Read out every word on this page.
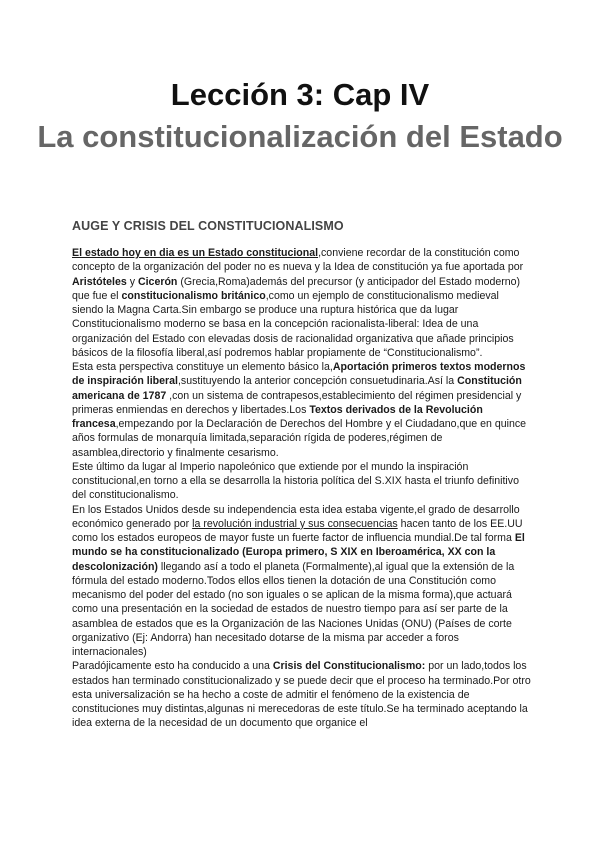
Lección 3: Cap IV
La constitucionalización del Estado
AUGE Y CRISIS DEL CONSTITUCIONALISMO

El estado hoy en dia es un Estado constitucional,conviene recordar de la constitución como concepto de la organización del poder no es nueva y la Idea de constitución ya fue aportada por Aristóteles y Cicerón (Grecia,Roma)además del precursor (y anticipador del Estado moderno) que fue el constitucionalismo británico,como un ejemplo de constitucionalismo medieval siendo la Magna Carta.Sin embargo se produce una ruptura histórica que da lugar Constitucionalismo moderno se basa en la concepción racionalista-liberal: Idea de una organización del Estado con elevadas dosis de racionalidad organizativa que añade principios básicos de la filosofía liberal,así podremos hablar propiamente de “Constitucionalismo”.

Esta esta perspectiva constituye un elemento básico la,Aportación primeros textos modernos de inspiración liberal,sustituyendo la anterior concepción consuetudinaria.Así la Constitución americana de 1787 ,con un sistema de contrapesos,establecimiento del régimen presidencial y primeras enmiendas en derechos y libertades.Los Textos derivados de la Revolución francesa,empezando por la Declaración de Derechos del Hombre y el Ciudadano,que en quince años formulas de monarquía limitada,separación rígida de poderes,régimen de asamblea,directorio y finalmente cesarismo.

Este último da lugar al Imperio napoleónico que extiende por el mundo la inspiración constitucional,en torno a ella se desarrolla la historia política del S.XIX hasta el triunfo definitivo del constitucionalismo.

En los Estados Unidos desde su independencia esta idea estaba vigente,el grado de desarrollo económico generado por la revolución industrial y sus consecuencias hacen tanto de los EE.UU como los estados europeos de mayor fuste un fuerte factor de influencia mundial.De tal forma El mundo se ha constitucionalizado (Europa primero, S XIX en Iberoamérica, XX con la descolonización) llegando así a todo el planeta (Formalmente),al igual que la extensión de la fórmula del estado moderno.Todos ellos ellos tienen la dotación de una Constitución como mecanismo del poder del estado (no son iguales o se aplican de la misma forma),que actuará como una presentación en la sociedad de estados de nuestro tiempo para así ser parte de la asamblea de estados que es la Organización de las Naciones Unidas (ONU) (Países de corte organizativo (Ej: Andorra) han necesitado dotarse de la misma par acceder a foros internacionales)

Paradójicamente esto ha conducido a una Crisis del Constitucionalismo: por un lado,todos los estados han terminado constitucionalizado y se puede decir que el proceso ha terminado.Por otro esta universalización se ha hecho a coste de admitir el fenómeno de la existencia de constituciones muy distintas,algunas ni merecedoras de este título.Se ha terminado aceptando la idea externa de la necesidad de un documento que organice el
